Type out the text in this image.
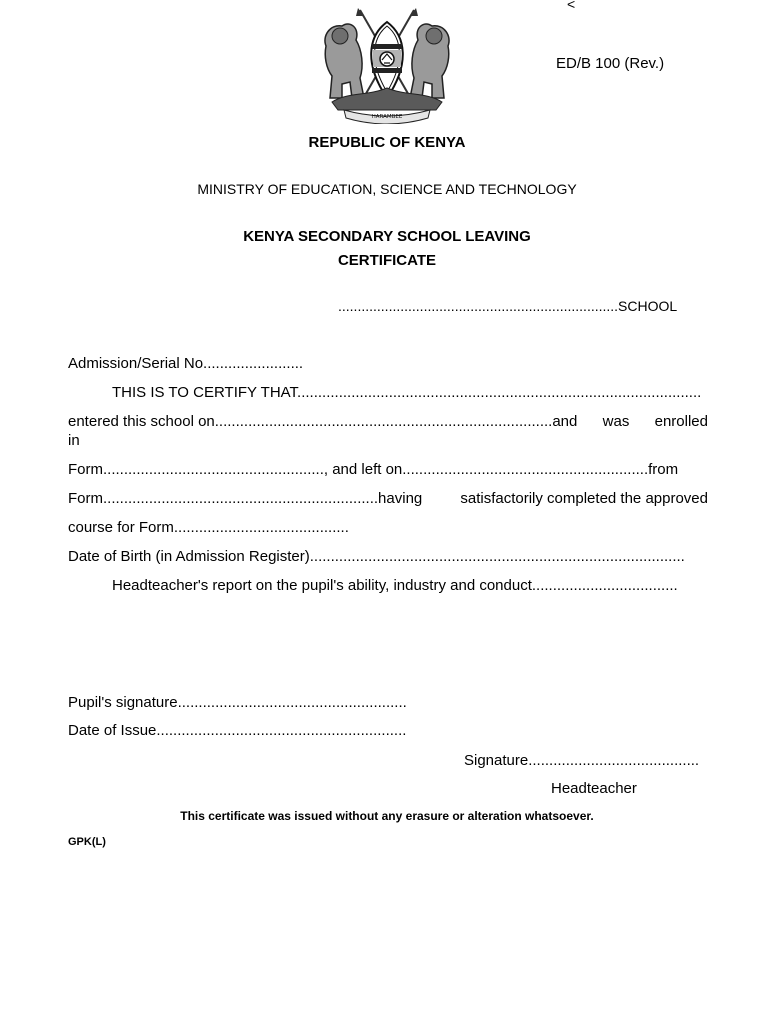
<
ED/B 100 (Rev.)
HARAMBEE
REPUBLIC OF KENYA
MINISTRY OF EDUCATION, SCIENCE AND TECHNOLOGY
KENYA SECONDARY SCHOOL LEAVING
CERTIFICATE
........................................................................SCHOOL
Admission/Serial No........................
THIS IS TO CERTIFY THAT.................................................................................................
entered this school on.................................................................................and was enrolled
in
Form....................................................., and left on...........................................................from
Form..................................................................having	satisfactorily completed the approved
course for Form..........................................
Date of Birth (in Admission Register)..........................................................................................
Headteacher's report on the pupil's ability, industry and conduct...................................
Pupil's signature.......................................................
Date of Issue............................................................
Signature.........................................
Headteacher
This certificate was issued without any erasure or alteration whatsoever.
GPK(L)
